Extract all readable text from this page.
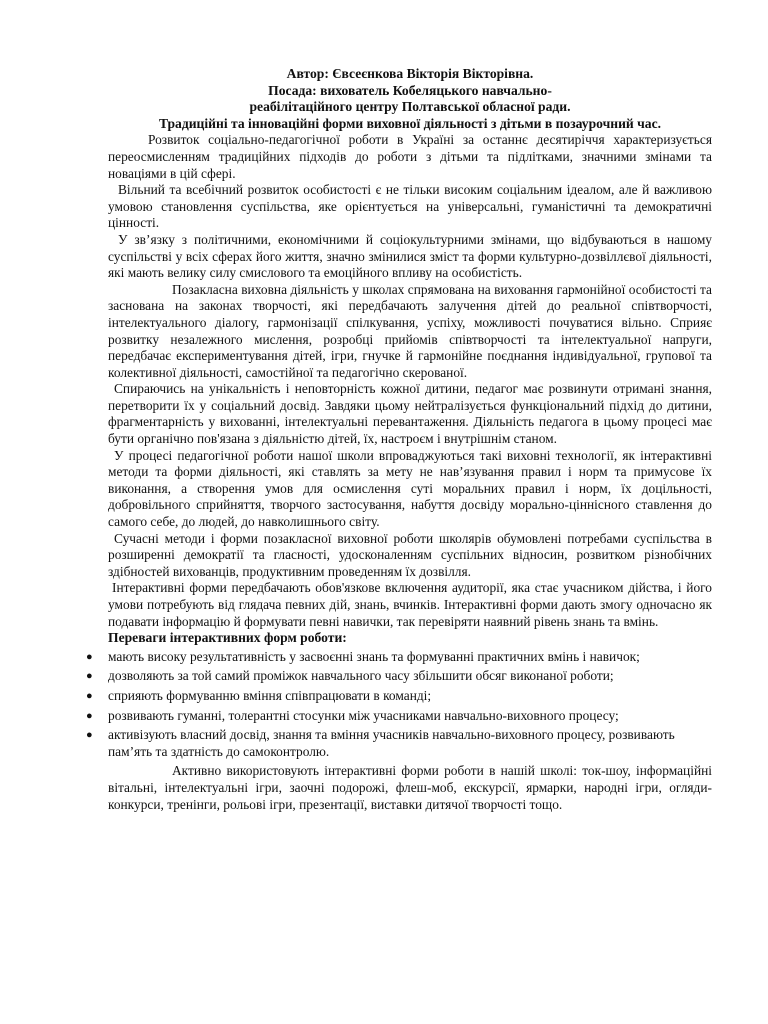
Автор: Євсеєнкова Вікторія Вікторівна.
Посада: вихователь Кобеляцького навчально-
реабілітаційного центру Полтавської обласної ради.
Традиційні та інноваційні форми виховної діяльності з дітьми в позаурочний час.

Розвиток соціально-педагогічної роботи в Україні за останнє десятиріччя характеризується переосмисленням традиційних підходів до роботи з дітьми та підлітками, значними змінами та новаціями в цій сфері.

Вільний та всебічний розвиток особистості є не тільки високим соціальним ідеалом, але й важливою умовою становлення суспільства, яке орієнтується на універсальні, гуманістичні та демократичні цінності.

У зв’язку з політичними, економічними й соціокультурними змінами, що відбуваються в нашому суспільстві у всіх сферах його життя, значно змінилися зміст та форми культурно-дозвіллєвої діяльності, які мають велику силу смислового та емоційного впливу на особистість.

Позакласна виховна діяльність у школах спрямована на виховання гармонійної особистості та заснована на законах творчості, які передбачають залучення дітей до реальної співтворчості, інтелектуального діалогу, гармонізації спілкування, успіху, можливості почуватися вільно. Сприяє розвитку незалежного мислення, розробці прийомів співтворчості та інтелектуальної напруги, передбачає експериментування дітей, ігри, гнучке й гармонійне поєднання індивідуальної, групової та колективної діяльності, самостійної та педагогічно скерованої.

Спираючись на унікальність і неповторність кожної дитини, педагог має розвинути отримані знання, перетворити їх у соціальний досвід. Завдяки цьому нейтралізується функціональний підхід до дитини, фрагментарність у вихованні, інтелектуальні перевантаження. Діяльність педагога в цьому процесі має бути органічно пов'язана з діяльністю дітей, їх, настроєм і внутрішнім станом.

У процесі педагогічної роботи нашої школи впроваджуються такі виховні технології, як інтерактивні методи та форми діяльності, які ставлять за мету не нав’язування правил і норм та примусове їх виконання, а створення умов для осмислення суті моральних правил і норм, їх доцільності, добровільного сприйняття, творчого застосування, набуття досвіду морально-ціннісного ставлення до самого себе, до людей, до навколишнього світу.

Сучасні методи і форми позакласної виховної роботи школярів обумовлені потребами суспільства в розширенні демократії та гласності, удосконаленням суспільних відносин, розвитком різнобічних здібностей вихованців, продуктивним проведенням їх дозвілля.

Інтерактивні форми передбачають обов'язкове включення аудиторії, яка стає учасником дійства, і його умови потребують від глядача певних дій, знань, вчинків. Інтерактивні форми дають змогу одночасно як подавати інформацію й формувати певні навички, так перевіряти наявний рівень знань та вмінь.

Переваги інтерактивних форм роботи:
● мають високу результативність у засвоєнні знань та формуванні практичних вмінь і навичок;
● дозволяють за той самий проміжок навчального часу збільшити обсяг виконаної роботи;
● сприяють формуванню вміння співпрацювати в команді;
● розвивають гуманні, толерантні стосунки між учасниками навчально-виховного процесу;
● активізують власний досвід, знання та вміння учасників навчально-виховного процесу, розвивають пам’ять та здатність до самоконтролю.

Активно використовують інтерактивні форми роботи в нашій школі: ток-шоу, інформаційні вітальні, інтелектуальні ігри, заочні подорожі, флеш-моб, екскурсії, ярмарки, народні ігри, огляди-конкурси, тренінги, рольові ігри, презентації, виставки дитячої творчості тощо.
